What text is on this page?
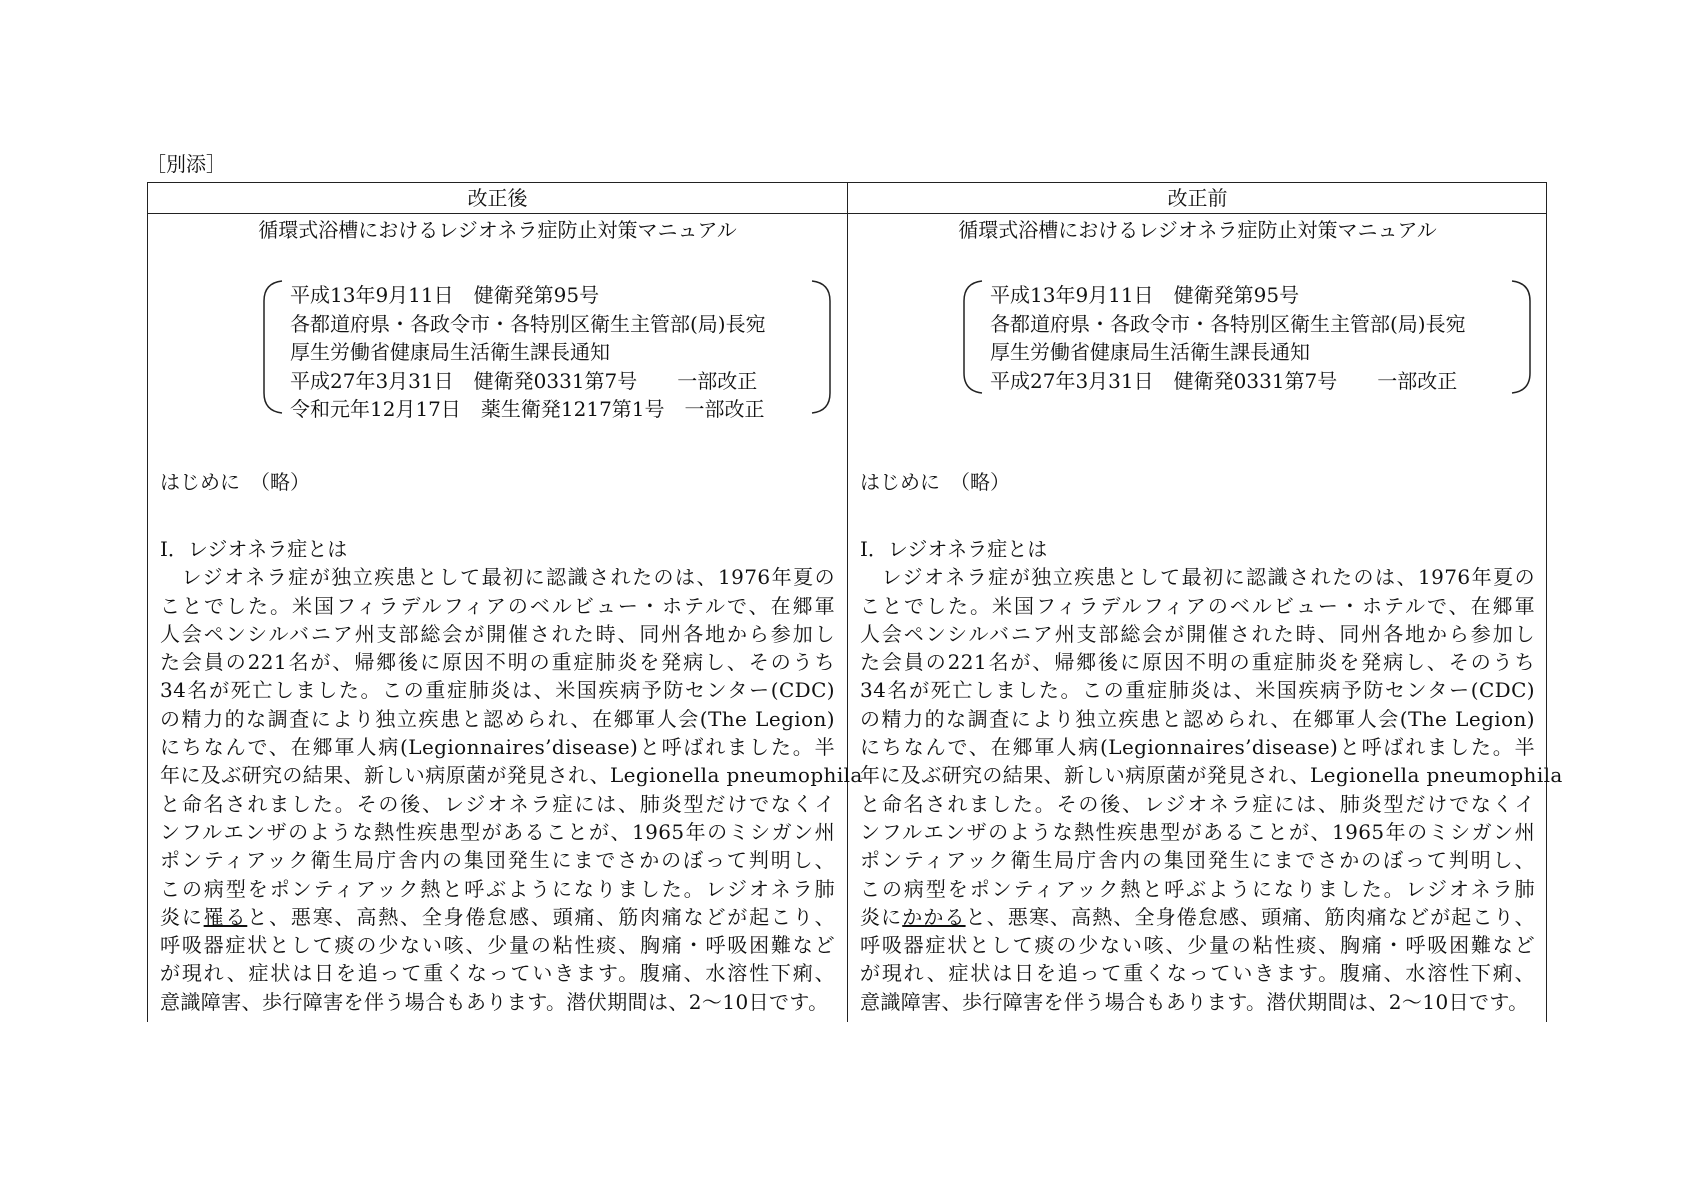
［別添］
改正後
循環式浴槽におけるレジオネラ症防止対策マニュアル
平成13年9月11日　健衛発第95号
各都道府県・各政令市・各特別区衛生主管部(局)長宛
厚生労働省健康局生活衛生課長通知
平成27年3月31日　健衛発0331第7号　　一部改正
令和元年12月17日　薬生衛発1217第1号　一部改正
はじめに　（略）
Ⅰ．レジオネラ症とは
　レジオネラ症が独立疾患として最初に認識されたのは、1976年夏の
ことでした。米国フィラデルフィアのベルビュー・ホテルで、在郷軍
人会ペンシルバニア州支部総会が開催された時、同州各地から参加し
た会員の221名が、帰郷後に原因不明の重症肺炎を発病し、そのうち
34名が死亡しました。この重症肺炎は、米国疾病予防センター(CDC)
の精力的な調査により独立疾患と認められ、在郷軍人会(The Legion)
にちなんで、在郷軍人病(Legionnaires’disease)と呼ばれました。半
年に及ぶ研究の結果、新しい病原菌が発見され、Legionella pneumophila
と命名されました。その後、レジオネラ症には、肺炎型だけでなくイ
ンフルエンザのような熱性疾患型があることが、1965年のミシガン州
ポンティアック衛生局庁舎内の集団発生にまでさかのぼって判明し、
この病型をポンティアック熱と呼ぶようになりました。レジオネラ肺
炎に罹ると、悪寒、高熱、全身倦怠感、頭痛、筋肉痛などが起こり、
呼吸器症状として痰の少ない咳、少量の粘性痰、胸痛・呼吸困難など
が現れ、症状は日を追って重くなっていきます。腹痛、水溶性下痢、
意識障害、歩行障害を伴う場合もあります。潜伏期間は、2～10日です。
改正前
循環式浴槽におけるレジオネラ症防止対策マニュアル
平成13年9月11日　健衛発第95号
各都道府県・各政令市・各特別区衛生主管部(局)長宛
厚生労働省健康局生活衛生課長通知
平成27年3月31日　健衛発0331第7号　　一部改正
はじめに　（略）
Ⅰ．レジオネラ症とは
　レジオネラ症が独立疾患として最初に認識されたのは、1976年夏の
ことでした。米国フィラデルフィアのベルビュー・ホテルで、在郷軍
人会ペンシルバニア州支部総会が開催された時、同州各地から参加し
た会員の221名が、帰郷後に原因不明の重症肺炎を発病し、そのうち
34名が死亡しました。この重症肺炎は、米国疾病予防センター(CDC)
の精力的な調査により独立疾患と認められ、在郷軍人会(The Legion)
にちなんで、在郷軍人病(Legionnaires’disease)と呼ばれました。半
年に及ぶ研究の結果、新しい病原菌が発見され、Legionella pneumophila
と命名されました。その後、レジオネラ症には、肺炎型だけでなくイ
ンフルエンザのような熱性疾患型があることが、1965年のミシガン州
ポンティアック衛生局庁舎内の集団発生にまでさかのぼって判明し、
この病型をポンティアック熱と呼ぶようになりました。レジオネラ肺
炎にかかると、悪寒、高熱、全身倦怠感、頭痛、筋肉痛などが起こり、
呼吸器症状として痰の少ない咳、少量の粘性痰、胸痛・呼吸困難など
が現れ、症状は日を追って重くなっていきます。腹痛、水溶性下痢、
意識障害、歩行障害を伴う場合もあります。潜伏期間は、2～10日です。
